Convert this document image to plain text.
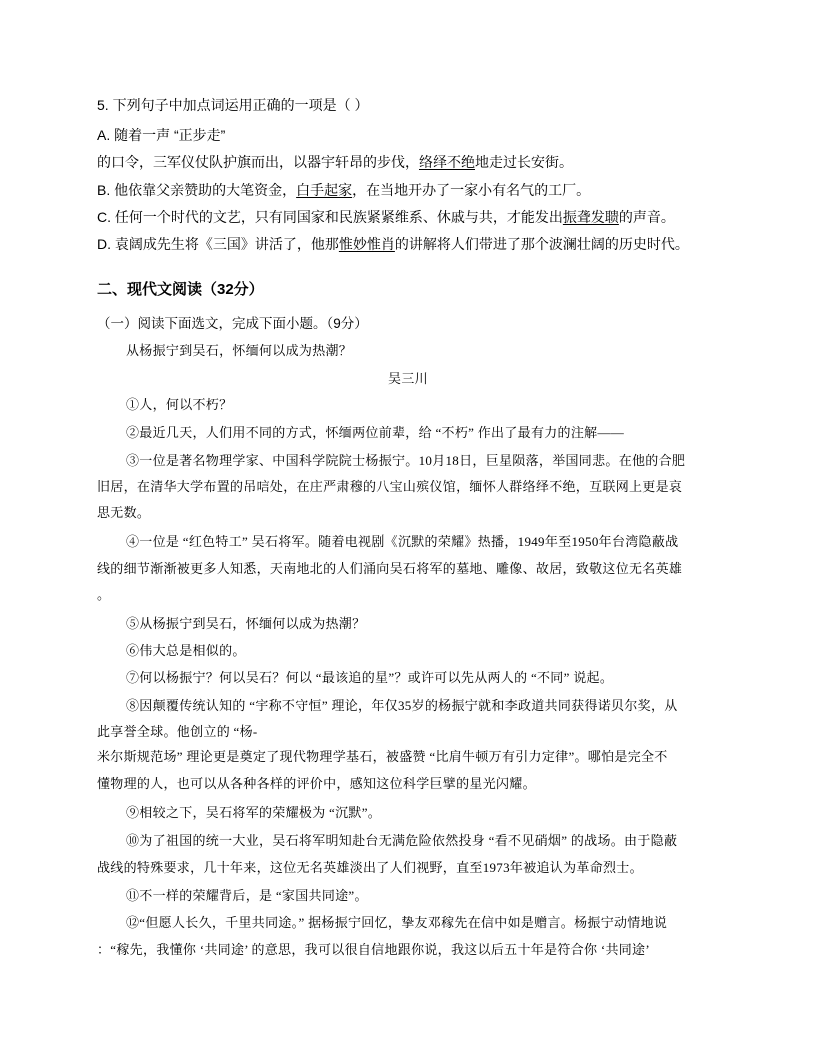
5. 下列句子中加点词运用正确的一项是（ ）
A. 随着一声 “正步走”
的口令，三军仪仗队护旗而出，以器宇轩昂的步伐，络绎不绝地走过长安街。
B. 他依靠父亲赞助的大笔资金，白手起家，在当地开办了一家小有名气的工厂。
C. 任何一个时代的文艺，只有同国家和民族紧紧维系、休戚与共，才能发出振聋发聩的声音。
D. 袁阔成先生将《三国》讲活了，他那惟妙惟肖的讲解将人们带进了那个波澜壮阔的历史时代。
二、现代文阅读（32分）
（一）阅读下面选文，完成下面小题。（9分）
从杨振宁到吴石，怀缅何以成为热潮？
吴三川
①人，何以不朽？
②最近几天，人们用不同的方式，怀缅两位前辈，给 “不朽” 作出了最有力的注解——
③一位是著名物理学家、中国科学院院士杨振宁。10月18日，巨星陨落，举国同悲。在他的合肥
旧居，在清华大学布置的吊唁处，在庄严肃穆的八宝山殡仪馆，缅怀人群络绎不绝，互联网上更是哀
思无数。
④一位是 “红色特工” 吴石将军。随着电视剧《沉默的荣耀》热播，1949年至1950年台湾隐蔽战
线的细节渐渐被更多人知悉，天南地北的人们涌向吴石将军的墓地、雕像、故居，致敬这位无名英雄
。
⑤从杨振宁到吴石，怀缅何以成为热潮？
⑥伟大总是相似的。
⑦何以杨振宁？何以吴石？何以 “最该追的星”？或许可以先从两人的 “不同” 说起。
⑧因颠覆传统认知的 “宇称不守恒” 理论，年仅35岁的杨振宁就和李政道共同获得诺贝尔奖，从
此享誉全球。他创立的 “杨-
米尔斯规范场” 理论更是奠定了现代物理学基石，被盛赞 “比肩牛顿万有引力定律”。哪怕是完全不
懂物理的人，也可以从各种各样的评价中，感知这位科学巨擘的星光闪耀。
⑨相较之下，吴石将军的荣耀极为 “沉默”。
⑩为了祖国的统一大业，吴石将军明知赴台无满危险依然投身 “看不见硝烟” 的战场。由于隐蔽
战线的特殊要求，几十年来，这位无名英雄淡出了人们视野，直至1973年被追认为革命烈士。
⑪不一样的荣耀背后，是 “家国共同途”。
⑫“但愿人长久，千里共同途。” 据杨振宁回忆，挚友邓稼先在信中如是赠言。杨振宁动情地说
：“稼先，我懂你 ‘共同途’ 的意思，我可以很自信地跟你说，我这以后五十年是符合你 ‘共同途’
